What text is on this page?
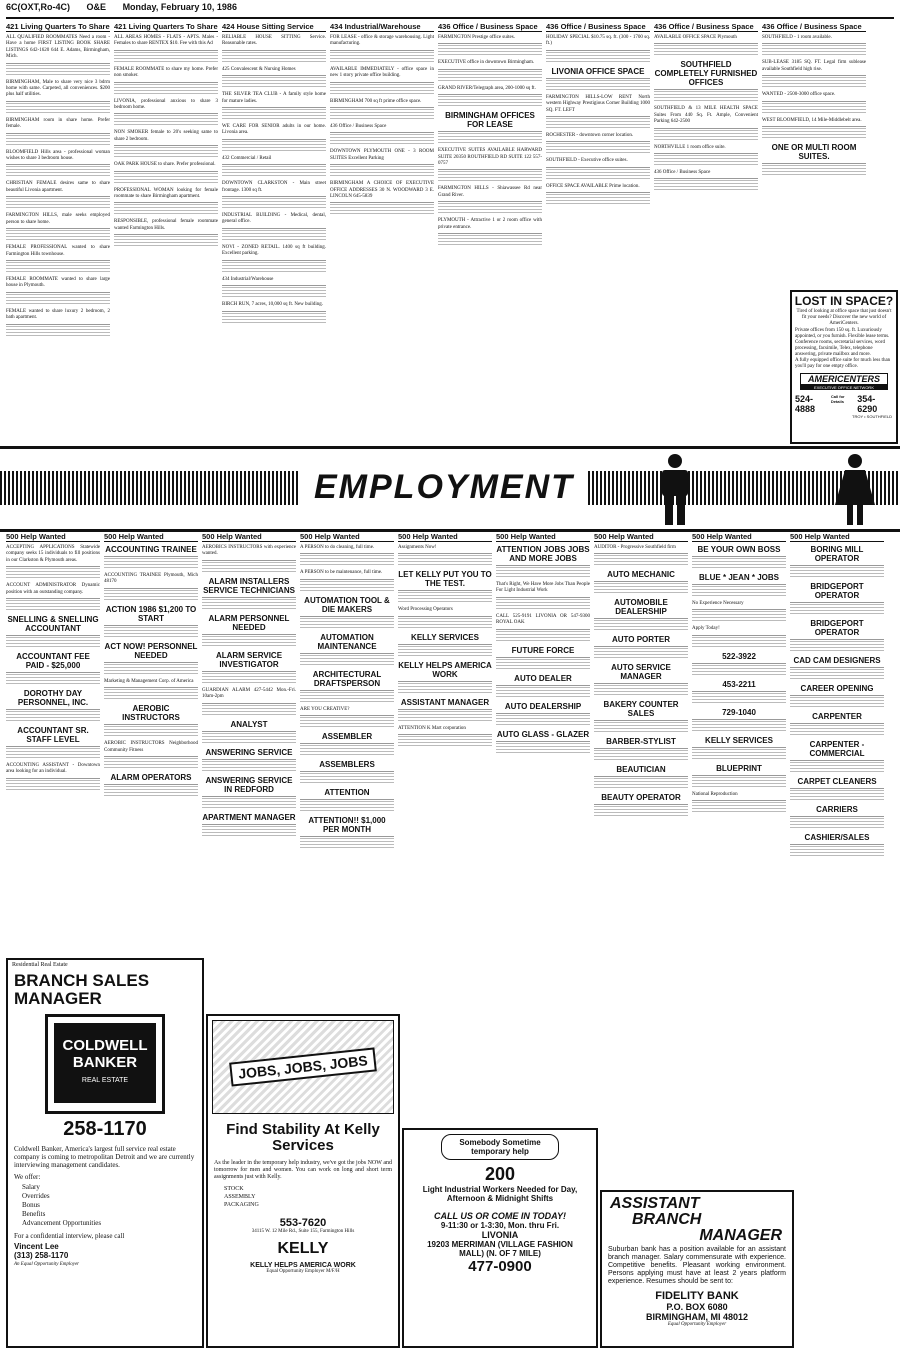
6C(OXT,Ro-4C) O&E Monday, February 10, 1986
421 Living Quarters To Share
ALL QUALIFIED ROOMMATES Need a room - Have a home FIRST LISTING BOOK SHARE LISTINGS 642-1620 644 E. Adams, Birmingham, Mich.
BIRMINGHAM, Male to share very nice 3 bdrm home with same. Carpeted, all conveniences. $200 plus half utilities.
BIRMINGHAM room in share home. Prefer female.
BLOOMFIELD Hills area - professional woman wishes to share 3 bedroom house.
CHRISTIAN FEMALE desires same to share beautiful Livonia apartment.
FARMINGTON HILLS, male seeks employed person to share home.
FEMALE PROFESSIONAL wanted to share Farmington Hills townhouse.
FEMALE ROOMMATE wanted to share large house in Plymouth.
FEMALE wanted to share luxury 2 bedroom, 2 bath apartment.
421 Living Quarters To Share
ALL AREAS HOMES - FLATS - APTS. Males - Females to share RENTEX $10. Fee with this Ad
FEMALE ROOMMATE to share my home. Prefer non smoker.
LIVONIA, professional anxious to share 3 bedroom home.
NON SMOKER female to 20's seeking same to share 2 bedroom.
OAK PARK HOUSE to share. Prefer professional.
PROFESSIONAL WOMAN looking for female roommate to share Birmingham apartment.
RESPONSIBLE, professional female roommate wanted Farmington Hills.
424 House Sitting Service
RELIABLE HOUSE SITTING Service. Reasonable rates.
425 Convalescent & Nursing Homes
THE SILVER TEA CLUB - A family style home for mature ladies.
WE CARE FOR SENIOR adults in our home. Livonia area.
432 Commercial / Retail
DOWNTOWN CLARKSTON - Main street frontage. 1300 sq ft.
INDUSTRIAL BUILDING - Medical, dental, general office.
NOVI - ZONED RETAIL. 1400 sq ft building. Excellent parking.
434 Industrial/Warehouse
BIRCH RUN, 7 acres, 10,000 sq ft. New building.
434 Industrial/Warehouse
FOR LEASE - office & storage warehousing. Light manufacturing.
AVAILABLE IMMEDIATELY - office space in new 1 story private office building.
BIRMINGHAM 700 sq ft prime office space.
436 Office / Business Space
DOWNTOWN PLYMOUTH ONE - 3 ROOM SUITES Excellent Parking
BIRMINGHAM A CHOICE OF EXECUTIVE OFFICE ADDRESSES 30 N. WOODWARD 3 E. LINCOLN 645-5839
436 Office / Business Space
FARMINGTON Prestige office suites.
EXECUTIVE office in downtown Birmingham.
GRAND RIVER/Telegraph area, 200-1000 sq ft.
BIRMINGHAM OFFICES FOR LEASE
EXECUTIVE SUITES AVAILABLE HARWARD SUITE 20350 ROUTHFIELD RD SUITE 122 557-0757
FARMINGTON HILLS - Shiawassee Rd near Grand River.
PLYMOUTH - Attractive 1 or 2 room office with private entrance.
436 Office / Business Space
HOLIDAY SPECIAL $10.75 sq. ft. (300 - 1700 sq. ft.)
LIVONIA OFFICE SPACE
FARMINGTON HILLS-LOW RENT North western Highway Prestigious Corner Building 1000 SQ. FT. LEFT
ROCHESTER - downtown corner location.
SOUTHFIELD - Executive office suites.
OFFICE SPACE AVAILABLE Prime location.
436 Office / Business Space
AVAILABLE OFFICE SPACE Plymouth
SOUTHFIELD COMPLETELY FURNISHED OFFICES
SOUTHFIELD & 13 MILE HEALTH SPACE Suites From 440 Sq. Ft. Ample, Convenient Parking 642-2500
NORTHVILLE 1 room office suite.
436 Office / Business Space
436 Office / Business Space
SOUTHFIELD - 1 room available.
SUB-LEASE 3185 SQ. FT. Legal firm sublease available Southfield high rise.
WANTED - 2500-3000 office space.
WEST BLOOMFIELD, 14 Mile-Middlebelt area.
ONE OR MULTI ROOM SUITES.
LOST IN SPACE?
Tired of looking at office space that just doesn't fit your needs? Discover the new world of AmeriCenters.
Private offices from 150 sq. ft. Luxuriously appointed, or you furnish. Flexible lease terms.
Conference rooms, secretarial services, word processing, facsimile, Telex, telephone answering, private mailbox and more.
A fully equipped office suite for much less than you'll pay for one empty office.
AMERICENTERS
EXECUTIVE OFFICE NETWORK
524-4888
Call for Details	354-6290
TROY • SOUTHFIELD
EMPLOYMENT
500 Help Wanted
ACCEPTING APPLICATIONS Statewide company seeks 15 individuals to fill positions in our Clarkston & Plymouth areas.
ACCOUNT ADMINISTRATOR Dynamic position with an outstanding company.
SNELLING & SNELLING ACCOUNTANT
ACCOUNTANT FEE PAID - $25,000
DOROTHY DAY PERSONNEL, INC.
ACCOUNTANT SR. STAFF LEVEL
ACCOUNTING ASSISTANT - Downtown area looking for an individual.
500 Help Wanted
ACCOUNTING TRAINEE
ACCOUNTING TRAINEE Plymouth, Mich 48170
ACTION 1986 $1,200 TO START
ACT NOW! PERSONNEL NEEDED
Marketing & Management Corp. of America
AEROBIC INSTRUCTORS
AEROBIC INSTRUCTORS Neighborhood Community Fitness
ALARM OPERATORS
500 Help Wanted
AEROBICS INSTRUCTORS with experience wanted.
ALARM INSTALLERS SERVICE TECHNICIANS
ALARM PERSONNEL NEEDED
ALARM SERVICE INVESTIGATOR
GUARDIAN ALARM 427-5442 Mon.-Fri. 10am-2pm
ANALYST
ANSWERING SERVICE
ANSWERING SERVICE IN REDFORD
APARTMENT MANAGER
500 Help Wanted
A PERSON to do cleaning, full time.
A PERSON to be maintenance, full time.
AUTOMATION TOOL & DIE MAKERS
AUTOMATION MAINTENANCE
ARCHITECTURAL DRAFTSPERSON
ARE YOU CREATIVE?
ASSEMBLER
ASSEMBLERS
ATTENTION
ATTENTION!! $1,000 PER MONTH
500 Help Wanted
Assignments Now!
LET KELLY PUT YOU TO THE TEST.
Word Processing Operators
KELLY SERVICES
KELLY HELPS AMERICA WORK
ASSISTANT MANAGER
ATTENTION K Mart corporation
500 Help Wanted
ATTENTION JOBS JOBS AND MORE JOBS
That's Right, We Have More Jobs Than People For Light Industrial Work
CALL 525-9191 LIVONIA OR 547-9300 ROYAL OAK
FUTURE FORCE
AUTO DEALER
AUTO DEALERSHIP
AUTO GLASS - GLAZER
500 Help Wanted
AUDITOR - Progressive Southfield firm
AUTO MECHANIC
AUTOMOBILE DEALERSHIP
AUTO PORTER
AUTO SERVICE MANAGER
BAKERY COUNTER SALES
BARBER-STYLIST
BEAUTICIAN
BEAUTY OPERATOR
500 Help Wanted
BE YOUR OWN BOSS
BLUE * JEAN * JOBS
No Experience Necessary
Apply Today!
522-3922
453-2211
729-1040
KELLY SERVICES
BLUEPRINT
National Reproduction
500 Help Wanted
BORING MILL OPERATOR
BRIDGEPORT OPERATOR
BRIDGEPORT OPERATOR
CAD CAM DESIGNERS
CAREER OPENING
CARPENTER
CARPENTER - COMMERCIAL
CARPET CLEANERS
CARRIERS
CASHIER/SALES
Residential Real Estate
BRANCH SALES MANAGER
COLDWELL
BANKER
REAL ESTATE
258-1170
Coldwell Banker, America's largest full service real estate company is coming to metropolitan Detroit and we are currently interviewing management candidates.
We offer:
Salary
Overrides
Bonus
Benefits
Advancement Opportunities
For a confidential interview, please call
Vincent Lee
(313) 258-1170
An Equal Opportunity Employer
JOBS, JOBS, JOBS
Find Stability At Kelly Services
As the leader in the temporary help industry, we've got the jobs NOW and tomorrow for men and women. You can work on long and short term assignments just with Kelly.
STOCK
ASSEMBLY
PACKAGING
553-7620
34115 W. 12 Mile Rd., Suite 155, Farmington Hills
KELLY
KELLY HELPS AMERICA WORK
Equal Opportunity Employer M/F/H
Somebody Sometime temporary help
200
Light Industrial Workers Needed for Day, Afternoon & Midnight Shifts
CALL US OR COME IN TODAY!
9-11:30 or 1-3:30, Mon. thru Fri.
LIVONIA
19203 MERRIMAN (VILLAGE FASHION MALL) (N. OF 7 MILE)
477-0900
ASSISTANT
BRANCH
MANAGER
Suburban bank has a position available for an assistant branch manager. Salary commensurate with experience. Competitive benefits. Pleasant working environment. Persons applying must have at least 2 years platform experience. Resumes should be sent to:
FIDELITY BANK
P.O. BOX 6080
BIRMINGHAM, MI 48012
Equal Opportunity Employer
